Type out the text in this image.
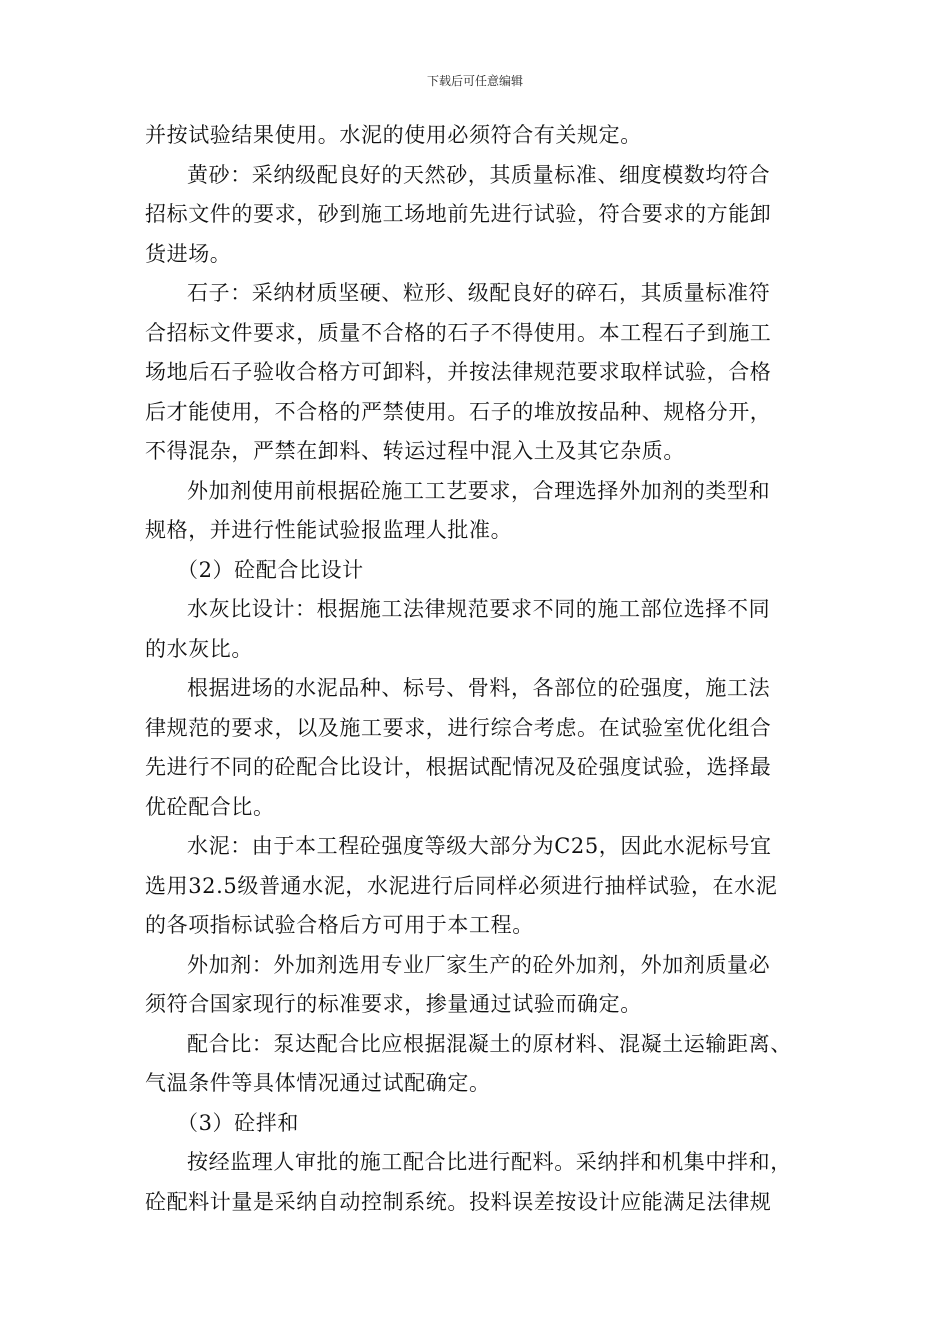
下载后可任意编辑
并按试验结果使用。水泥的使用必须符合有关规定。
黄砂：采纳级配良好的天然砂，其质量标准、细度模数均符合
招标文件的要求，砂到施工场地前先进行试验，符合要求的方能卸
货进场。
石子：采纳材质坚硬、粒形、级配良好的碎石，其质量标准符
合招标文件要求，质量不合格的石子不得使用。本工程石子到施工
场地后石子验收合格方可卸料，并按法律规范要求取样试验，合格
后才能使用，不合格的严禁使用。石子的堆放按品种、规格分开，
不得混杂，严禁在卸料、转运过程中混入土及其它杂质。
外加剂使用前根据砼施工工艺要求，合理选择外加剂的类型和
规格，并进行性能试验报监理人批准。
（2）砼配合比设计
水灰比设计：根据施工法律规范要求不同的施工部位选择不同
的水灰比。
根据进场的水泥品种、标号、骨料，各部位的砼强度，施工法
律规范的要求，以及施工要求，进行综合考虑。在试验室优化组合
先进行不同的砼配合比设计，根据试配情况及砼强度试验，选择最
优砼配合比。
水泥：由于本工程砼强度等级大部分为C25，因此水泥标号宜
选用32.5级普通水泥，水泥进行后同样必须进行抽样试验，在水泥
的各项指标试验合格后方可用于本工程。
外加剂：外加剂选用专业厂家生产的砼外加剂，外加剂质量必
须符合国家现行的标准要求，掺量通过试验而确定。
配合比：泵达配合比应根据混凝土的原材料、混凝土运输距离、
气温条件等具体情况通过试配确定。
（3）砼拌和
按经监理人审批的施工配合比进行配料。采纳拌和机集中拌和，
砼配料计量是采纳自动控制系统。投料误差按设计应能满足法律规
